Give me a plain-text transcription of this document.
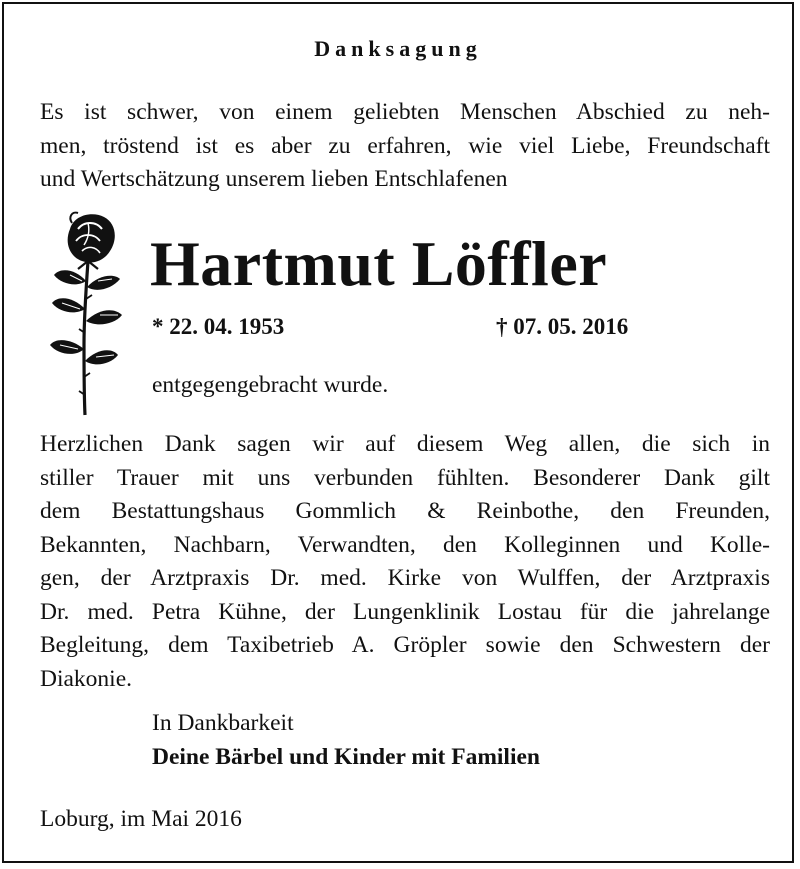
Danksagung
Es ist schwer, von einem geliebten Menschen Abschied zu neh-
men, tröstend ist es aber zu erfahren, wie viel Liebe, Freundschaft
und Wertschätzung unserem lieben Entschlafenen
Hartmut Löffler
* 22. 04. 1953	† 07. 05. 2016
entgegengebracht wurde.
Herzlichen Dank sagen wir auf diesem Weg allen, die sich in
stiller Trauer mit uns verbunden fühlten. Besonderer Dank gilt
dem Bestattungshaus Gommlich & Reinbothe, den Freunden,
Bekannten, Nachbarn, Verwandten, den Kolleginnen und Kolle-
gen, der Arztpraxis Dr. med. Kirke von Wulffen, der Arztpraxis
Dr. med. Petra Kühne, der Lungenklinik Lostau für die jahrelange
Begleitung, dem Taxibetrieb A. Gröpler sowie den Schwestern der
Diakonie.
In Dankbarkeit
Deine Bärbel und Kinder mit Familien
Loburg, im Mai 2016
